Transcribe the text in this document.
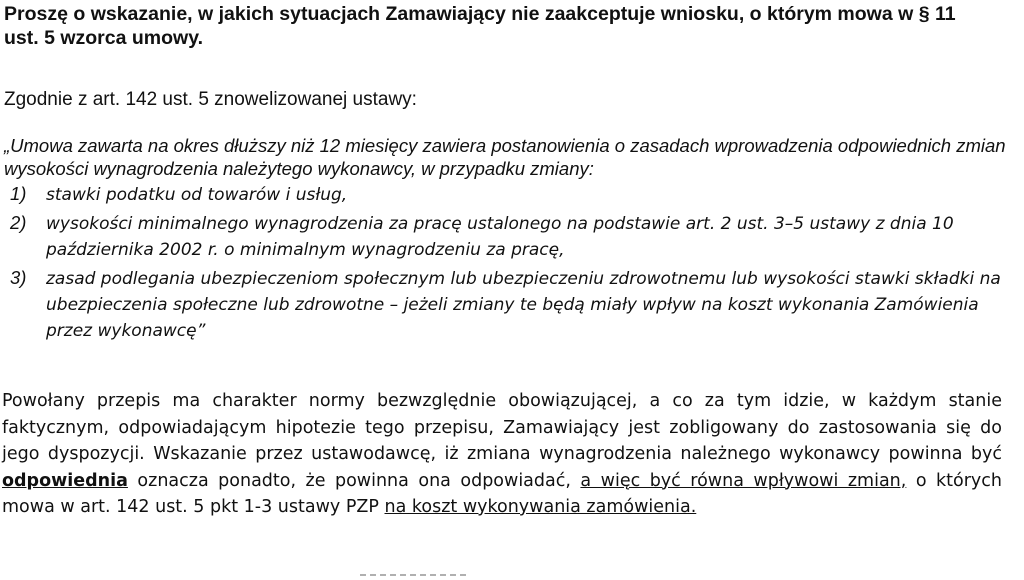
Proszę o wskazanie, w jakich sytuacjach Zamawiający nie zaakceptuje wniosku, o którym mowa w § 11 ust. 5 wzorca umowy.
Zgodnie z art. 142 ust. 5 znowelizowanej ustawy:

„Umowa zawarta na okres dłuższy niż 12 miesięcy zawiera postanowienia o zasadach wprowadzenia odpowiednich zmian wysokości wynagrodzenia należytego wykonawcy, w przypadku zmiany:

1) stawki podatku od towarów i usług,
2) wysokości minimalnego wynagrodzenia za pracę ustalonego na podstawie art. 2 ust. 3–5 ustawy z dnia 10 października 2002 r. o minimalnym wynagrodzeniu za pracę,
3) zasad podlegania ubezpieczeniom społecznym lub ubezpieczeniu zdrowotnemu lub wysokości stawki składki na ubezpieczenia społeczne lub zdrowotne – jeżeli zmiany te będą miały wpływ na koszt wykonania Zamówienia przez wykonawcę”
Powołany przepis ma charakter normy bezwzględnie obowiązującej, a co za tym idzie, w każdym stanie faktycznym, odpowiadającym hipotezie tego przepisu, Zamawiający jest zobligowany do zastosowania się do jego dyspozycji. Wskazanie przez ustawodawcę, iż zmiana wynagrodzenia należnego wykonawcy powinna być odpowiednia oznacza ponadto, że powinna ona odpowiadać, a więc być równa wpływowi zmian, o których mowa w art. 142 ust. 5 pkt 1-3 ustawy PZP na koszt wykonywania zamówienia.
